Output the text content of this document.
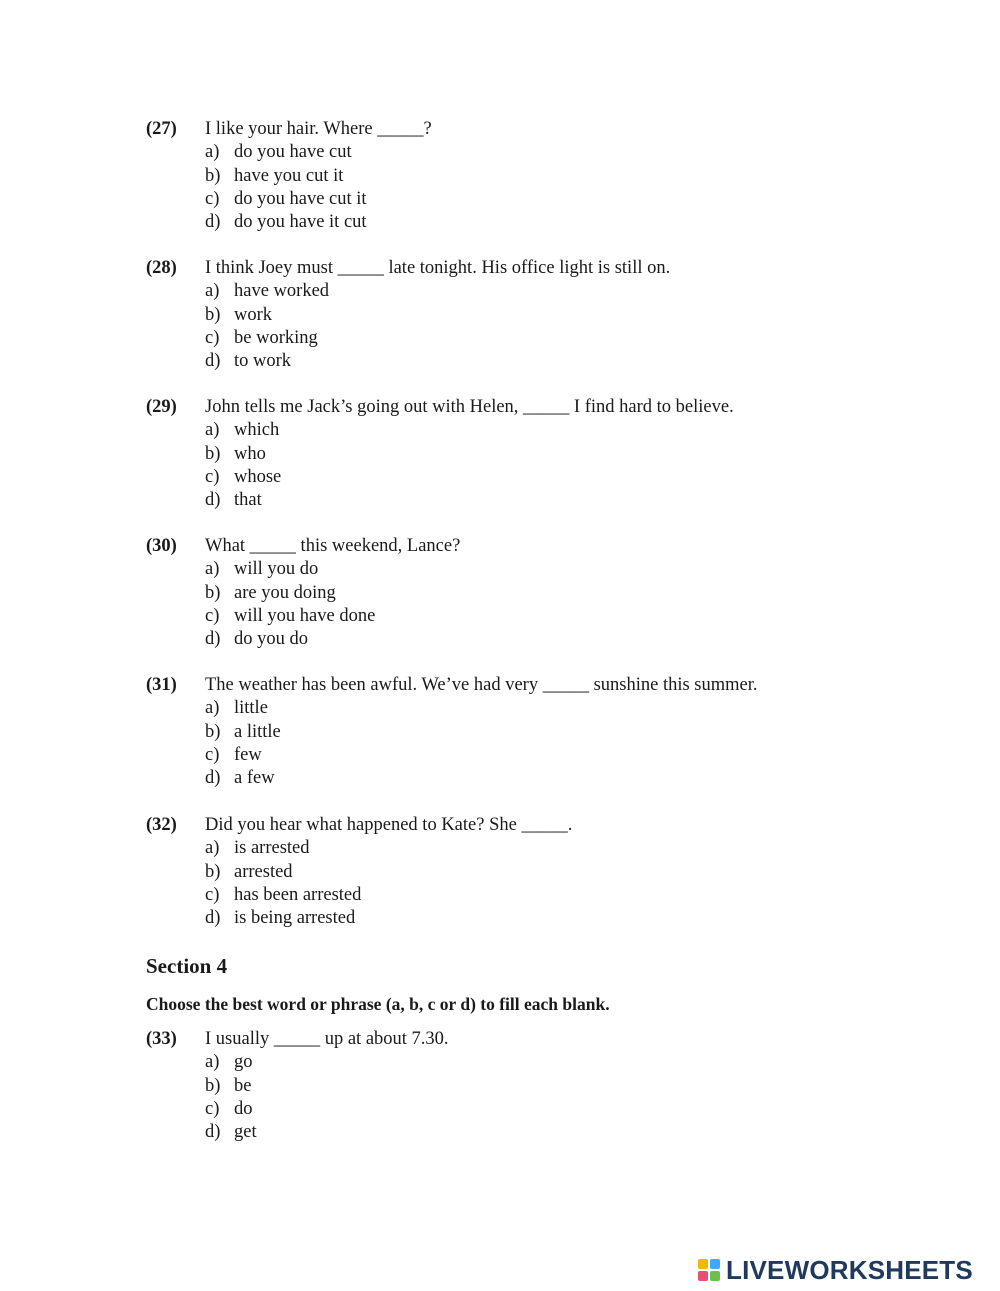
(27)	I like your hair. Where _____?
a) do you have cut
b) have you cut it
c) do you have cut it
d) do you have it cut
(28)	I think Joey must _____ late tonight. His office light is still on.
a) have worked
b) work
c) be working
d) to work
(29)	John tells me Jack’s going out with Helen, _____ I find hard to believe.
a) which
b) who
c) whose
d) that
(30)	What _____ this weekend, Lance?
a) will you do
b) are you doing
c) will you have done
d) do you do
(31)	The weather has been awful. We’ve had very _____ sunshine this summer.
a) little
b) a little
c) few
d) a few
(32)	Did you hear what happened to Kate? She _____.
a) is arrested
b) arrested
c) has been arrested
d) is being arrested
Section 4

Choose the best word or phrase (a, b, c or d) to fill each blank.

(33)	I usually _____ up at about 7.30.
a) go
b) be
c) do
d) get
LIVEWORKSHEETS
